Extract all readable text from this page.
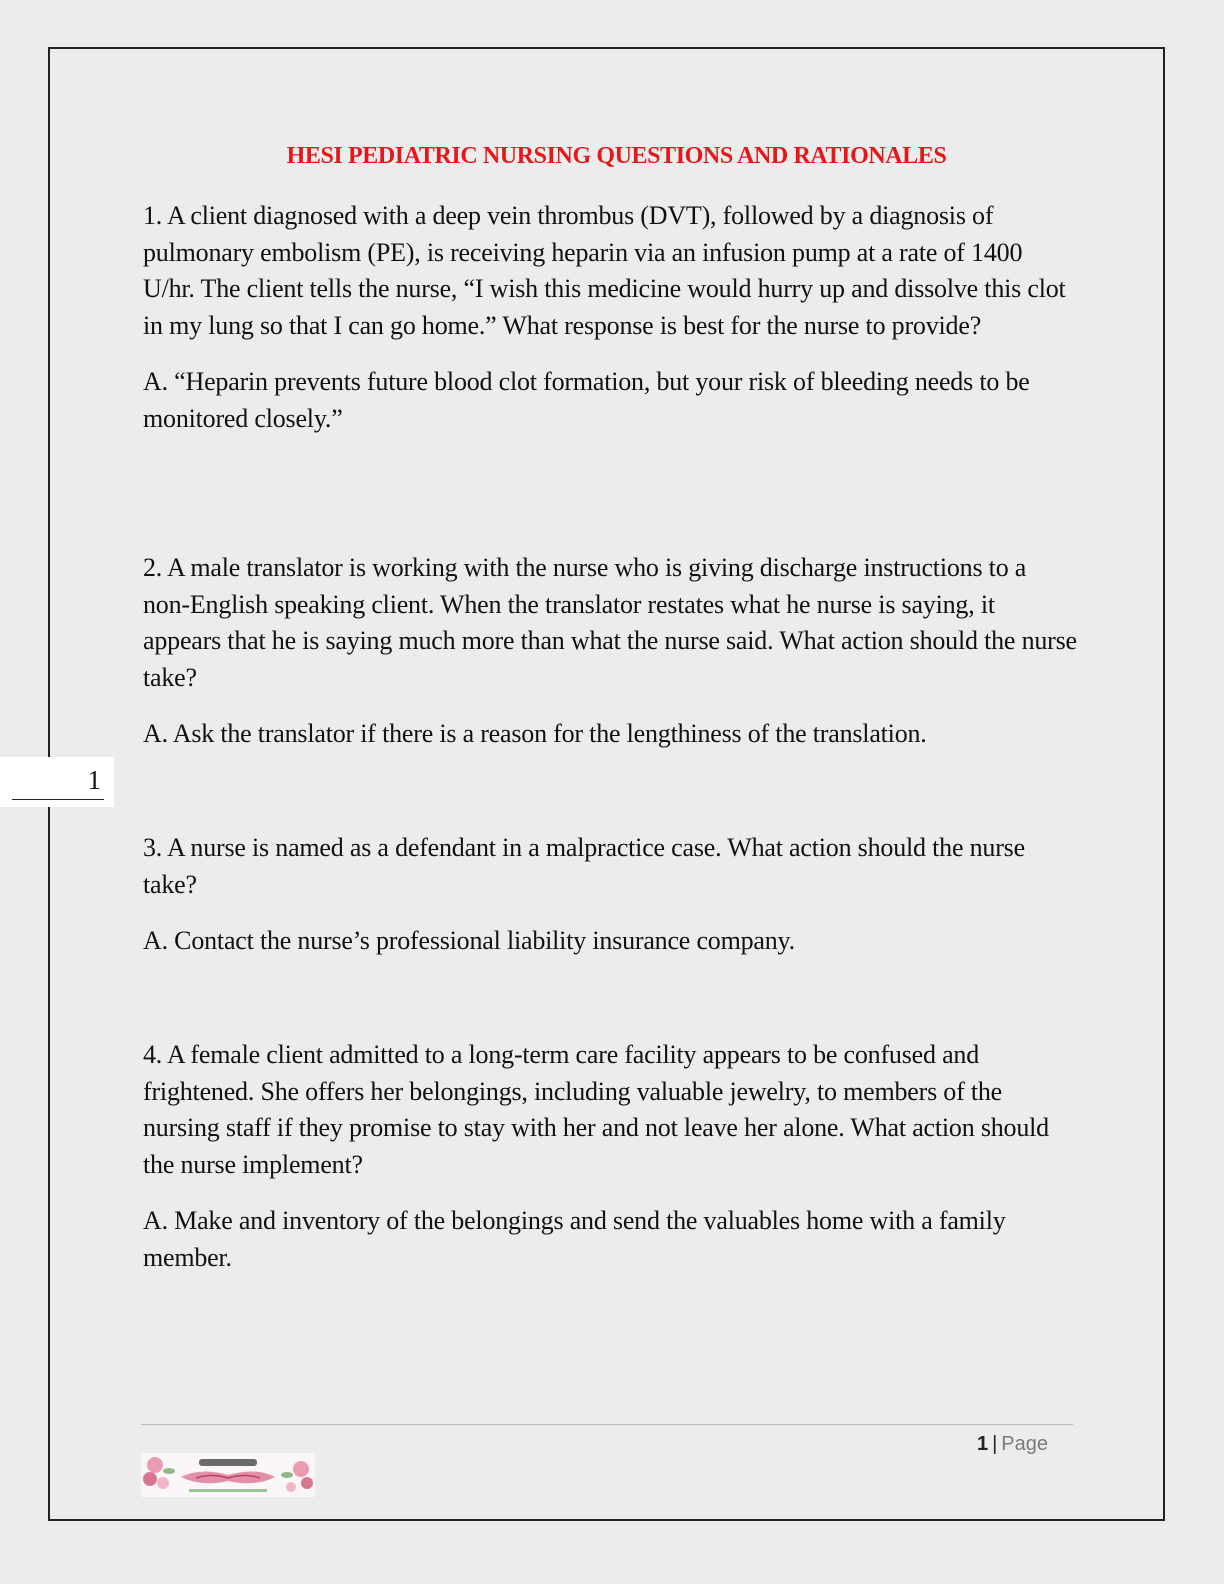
HESI PEDIATRIC NURSING QUESTIONS AND RATIONALES

1. A client diagnosed with a deep vein thrombus (DVT), followed by a diagnosis of pulmonary embolism (PE), is receiving heparin via an infusion pump at a rate of 1400 U/hr. The client tells the nurse, “I wish this medicine would hurry up and dissolve this clot in my lung so that I can go home.” What response is best for the nurse to provide?

A. “Heparin prevents future blood clot formation, but your risk of bleeding needs to be monitored closely.”

2. A male translator is working with the nurse who is giving discharge instructions to a non-English speaking client. When the translator restates what he nurse is saying, it appears that he is saying much more than what the nurse said. What action should the nurse take?

A. Ask the translator if there is a reason for the lengthiness of the translation.

3. A nurse is named as a defendant in a malpractice case. What action should the nurse take?

A. Contact the nurse’s professional liability insurance company.

4. A female client admitted to a long-term care facility appears to be confused and frightened. She offers her belongings, including valuable jewelry, to members of the nursing staff if they promise to stay with her and not leave her alone. What action should the nurse implement?

A. Make and inventory of the belongings and send the valuables home with a family member.

1
1 | Page
